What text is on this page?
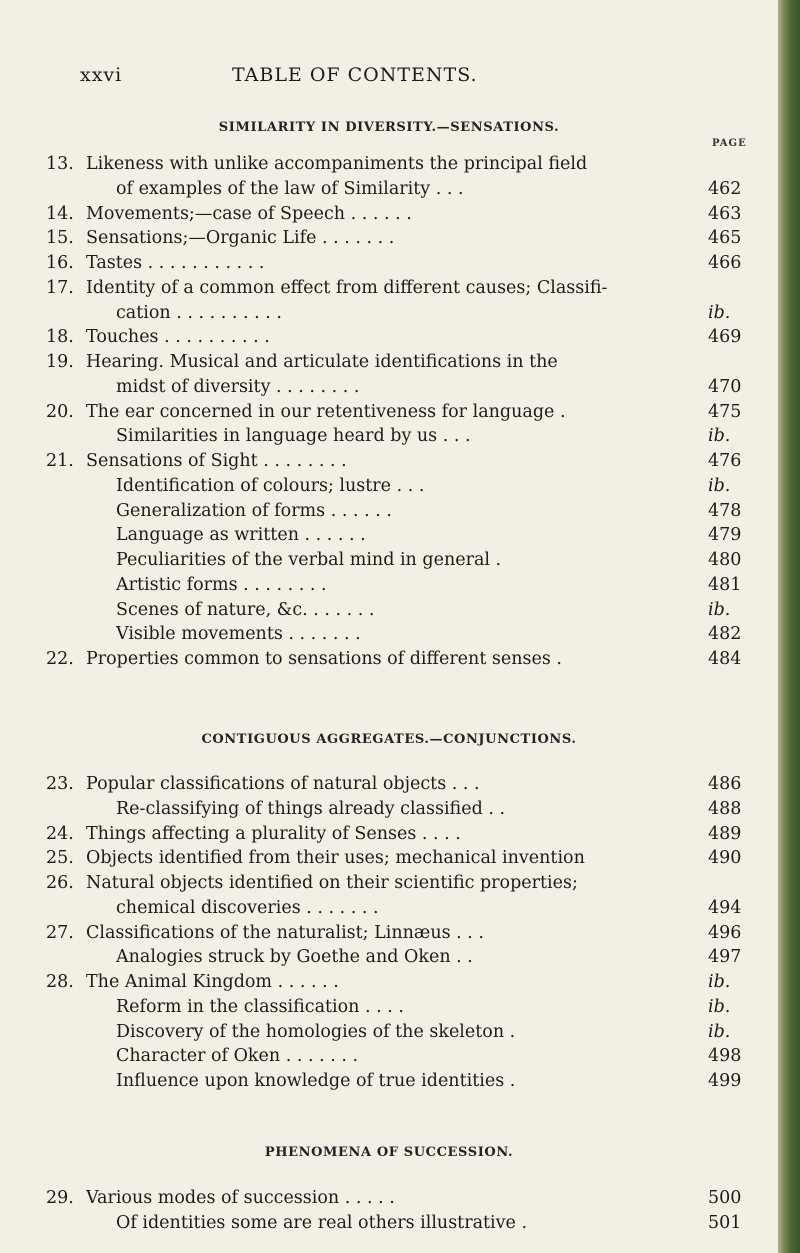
xxvi	TABLE OF CONTENTS.
SIMILARITY IN DIVERSITY.—SENSATIONS.
PAGE
13. Likeness with unlike accompaniments the principal field
of examples of the law of Similarity . . .	462
14. Movements;—case of Speech . . . . . .	463
15. Sensations;—Organic Life . . . . . . .	465
16. Tastes . . . . . . . . . . .	466
17. Identity of a common effect from different causes; Classifi-
cation . . . . . . . . . .	ib.
18. Touches . . . . . . . . . .	469
19. Hearing. Musical and articulate identifications in the
midst of diversity . . . . . . . .	470
20. The ear concerned in our retentiveness for language .	475
Similarities in language heard by us . . .	ib.
21. Sensations of Sight . . . . . . . .	476
Identification of colours; lustre . . .	ib.
Generalization of forms . . . . . .	478
Language as written . . . . . .	479
Peculiarities of the verbal mind in general .	480
Artistic forms . . . . . . . .	481
Scenes of nature, &c. . . . . . .	ib.
Visible movements . . . . . . .	482
22. Properties common to sensations of different senses .	484
CONTIGUOUS AGGREGATES.—CONJUNCTIONS.
23. Popular classifications of natural objects . . .	486
Re-classifying of things already classified . .	488
24. Things affecting a plurality of Senses . . . .	489
25. Objects identified from their uses; mechanical invention	490
26. Natural objects identified on their scientific properties;
chemical discoveries . . . . . . .	494
27. Classifications of the naturalist; Linnæus . . .	496
Analogies struck by Goethe and Oken . .	497
28. The Animal Kingdom . . . . . .	ib.
Reform in the classification . . . .	ib.
Discovery of the homologies of the skeleton .	ib.
Character of Oken . . . . . . .	498
Influence upon knowledge of true identities .	499
PHENOMENA OF SUCCESSION.
29. Various modes of succession . . . . .	500
Of identities some are real others illustrative .	501
